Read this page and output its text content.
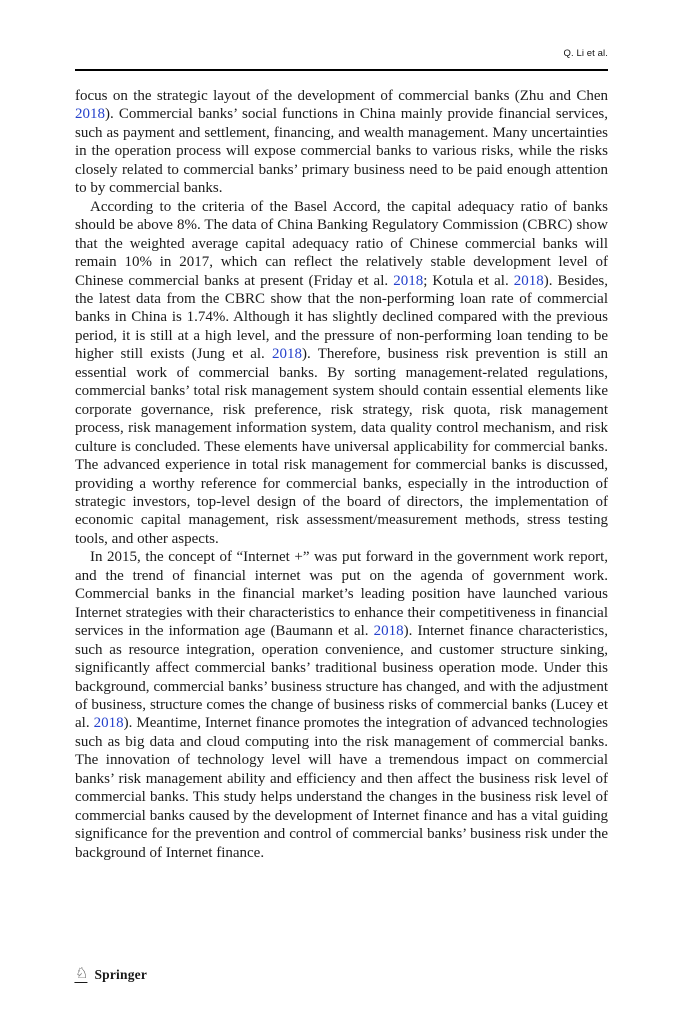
Q. Li et al.

focus on the strategic layout of the development of commercial banks (Zhu and Chen 2018). Commercial banks’ social functions in China mainly provide financial services, such as payment and settlement, financing, and wealth management. Many uncertainties in the operation process will expose commercial banks to various risks, while the risks closely related to commercial banks’ primary business need to be paid enough attention to by commercial banks.

According to the criteria of the Basel Accord, the capital adequacy ratio of banks should be above 8%. The data of China Banking Regulatory Commission (CBRC) show that the weighted average capital adequacy ratio of Chinese commercial banks will remain 10% in 2017, which can reflect the relatively stable development level of Chinese commercial banks at present (Friday et al. 2018; Kotula et al. 2018). Besides, the latest data from the CBRC show that the non-performing loan rate of commercial banks in China is 1.74%. Although it has slightly declined compared with the previous period, it is still at a high level, and the pressure of non-performing loan tending to be higher still exists (Jung et al. 2018). Therefore, business risk prevention is still an essential work of commercial banks. By sorting management-related regulations, commercial banks’ total risk management system should contain essential elements like corporate governance, risk preference, risk strategy, risk quota, risk management process, risk management information system, data quality control mechanism, and risk culture is concluded. These elements have universal applicability for commercial banks. The advanced experience in total risk management for commercial banks is discussed, providing a worthy reference for commercial banks, especially in the introduction of strategic investors, top-level design of the board of directors, the implementation of economic capital management, risk assessment/measurement methods, stress testing tools, and other aspects.

In 2015, the concept of “Internet +” was put forward in the government work report, and the trend of financial internet was put on the agenda of government work. Commercial banks in the financial market’s leading position have launched various Internet strategies with their characteristics to enhance their competitiveness in financial services in the information age (Baumann et al. 2018). Internet finance characteristics, such as resource integration, operation convenience, and customer structure sinking, significantly affect commercial banks’ traditional business operation mode. Under this background, commercial banks’ business structure has changed, and with the adjustment of business, structure comes the change of business risks of commercial banks (Lucey et al. 2018). Meantime, Internet finance promotes the integration of advanced technologies such as big data and cloud computing into the risk management of commercial banks. The innovation of technology level will have a tremendous impact on commercial banks’ risk management ability and efficiency and then affect the business risk level of commercial banks. This study helps understand the changes in the business risk level of commercial banks caused by the development of Internet finance and has a vital guiding significance for the prevention and control of commercial banks’ business risk under the background of Internet finance.

♘ Springer
